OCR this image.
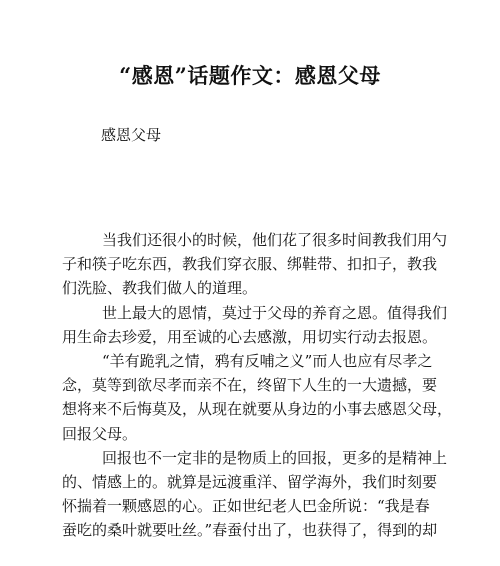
“感恩”话题作文：感恩父母
感恩父母
当我们还很小的时候，他们花了很多时间教我们用勺
子和筷子吃东西，教我们穿衣服、绑鞋带、扣扣子，教我
们洗脸、教我们做人的道理。
世上最大的恩情，莫过于父母的养育之恩。值得我们
用生命去珍爱，用至诚的心去感激，用切实行动去报恩。
“羊有跪乳之情，鸦有反哺之义”而人也应有尽孝之
念，莫等到欲尽孝而亲不在，终留下人生的一大遗撼，要
想将来不后悔莫及，从现在就要从身边的小事去感恩父母，
回报父母。
回报也不一定非的是物质上的回报，更多的是精神上
的、情感上的。就算是远渡重洋、留学海外，我们时刻要
怀揣着一颗感恩的心。正如世纪老人巴金所说：“我是春
蚕吃的桑叶就要吐丝。”春蚕付出了，也获得了，得到的却
